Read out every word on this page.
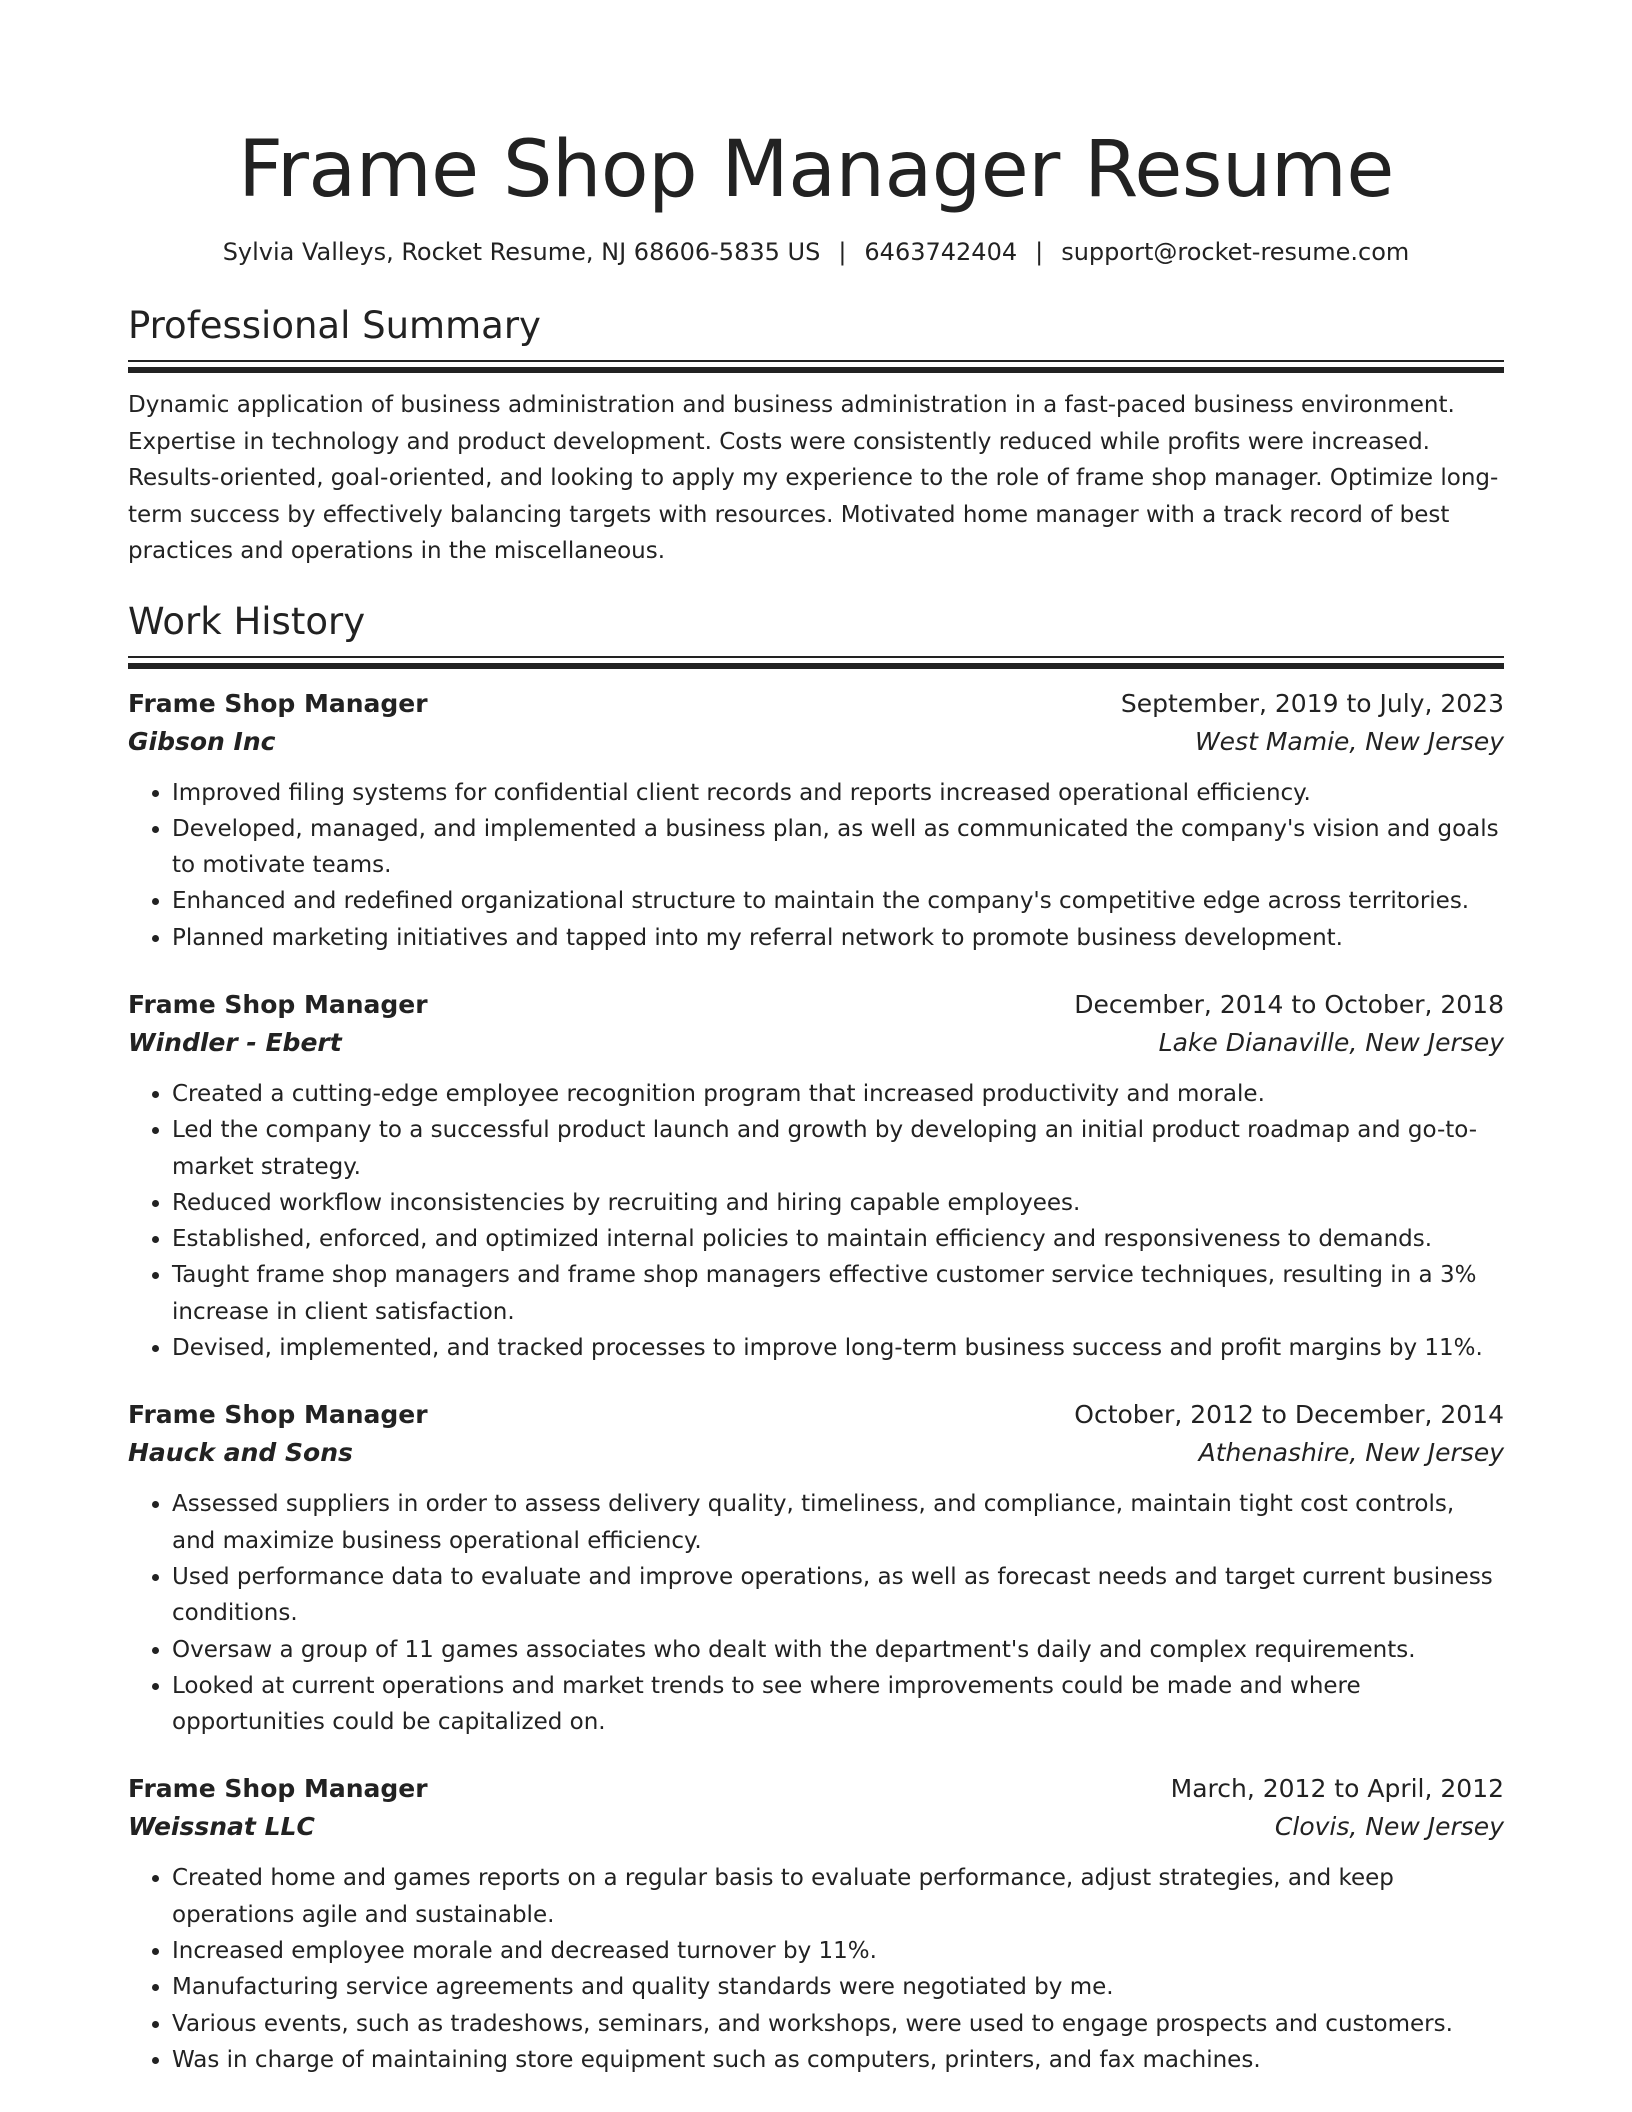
Frame Shop Manager Resume
Sylvia Valleys, Rocket Resume, NJ 68606-5835 US | 6463742404 | support@rocket-resume.com
Professional Summary

Dynamic application of business administration and business administration in a fast-paced business environment. Expertise in technology and product development. Costs were consistently reduced while profits were increased. Results-oriented, goal-oriented, and looking to apply my experience to the role of frame shop manager. Optimize long-term success by effectively balancing targets with resources. Motivated home manager with a track record of best practices and operations in the miscellaneous.

Work History
Frame Shop Manager	September, 2019 to July, 2023
Gibson Inc	West Mamie, New Jersey
• Improved filing systems for confidential client records and reports increased operational efficiency.
• Developed, managed, and implemented a business plan, as well as communicated the company's vision and goals to motivate teams.
• Enhanced and redefined organizational structure to maintain the company's competitive edge across territories.
• Planned marketing initiatives and tapped into my referral network to promote business development.
Frame Shop Manager	December, 2014 to October, 2018
Windler - Ebert	Lake Dianaville, New Jersey
• Created a cutting-edge employee recognition program that increased productivity and morale.
• Led the company to a successful product launch and growth by developing an initial product roadmap and go-to-market strategy.
• Reduced workflow inconsistencies by recruiting and hiring capable employees.
• Established, enforced, and optimized internal policies to maintain efficiency and responsiveness to demands.
• Taught frame shop managers and frame shop managers effective customer service techniques, resulting in a 3% increase in client satisfaction.
• Devised, implemented, and tracked processes to improve long-term business success and profit margins by 11%.
Frame Shop Manager	October, 2012 to December, 2014
Hauck and Sons	Athenashire, New Jersey
• Assessed suppliers in order to assess delivery quality, timeliness, and compliance, maintain tight cost controls, and maximize business operational efficiency.
• Used performance data to evaluate and improve operations, as well as forecast needs and target current business conditions.
• Oversaw a group of 11 games associates who dealt with the department's daily and complex requirements.
• Looked at current operations and market trends to see where improvements could be made and where opportunities could be capitalized on.
Frame Shop Manager	March, 2012 to April, 2012
Weissnat LLC	Clovis, New Jersey
• Created home and games reports on a regular basis to evaluate performance, adjust strategies, and keep operations agile and sustainable.
• Increased employee morale and decreased turnover by 11%.
• Manufacturing service agreements and quality standards were negotiated by me.
• Various events, such as tradeshows, seminars, and workshops, were used to engage prospects and customers.
• Was in charge of maintaining store equipment such as computers, printers, and fax machines.
